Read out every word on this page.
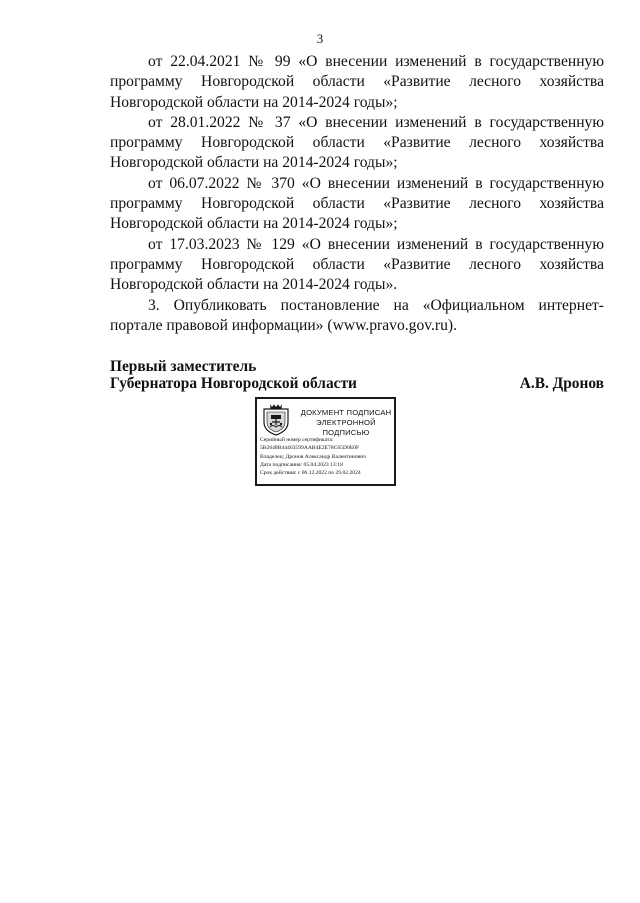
3

от 22.04.2021 № 99 «О внесении изменений в государственную программу Новгородской области «Развитие лесного хозяйства Новгородской области на 2014-2024 годы»;

от 28.01.2022 № 37 «О внесении изменений в государственную программу Новгородской области «Развитие лесного хозяйства Новгородской области на 2014-2024 годы»;

от 06.07.2022 № 370 «О внесении изменений в государственную программу Новгородской области «Развитие лесного хозяйства Новгородской области на 2014-2024 годы»;

от 17.03.2023 № 129 «О внесении изменений в государственную программу Новгородской области «Развитие лесного хозяйства Новгородской области на 2014-2024 годы».

3. Опубликовать постановление на «Официальном интернет-портале правовой информации» (www.pravo.gov.ru).

Первый заместитель
Губернатора Новгородской области	А.В. Дронов
ДОКУМЕНТ ПОДПИСАН
ЭЛЕКТРОННОЙ ПОДПИСЬЮ
Серийный номер сертификата:
5B2648B44463599AAB4E2E78C65D0E0F
Владелец: Дронов Александр Валентинович
Дата подписания: 05.04.2023 13:18
Срок действия: с 06.12.2022 по 29.02.2024
